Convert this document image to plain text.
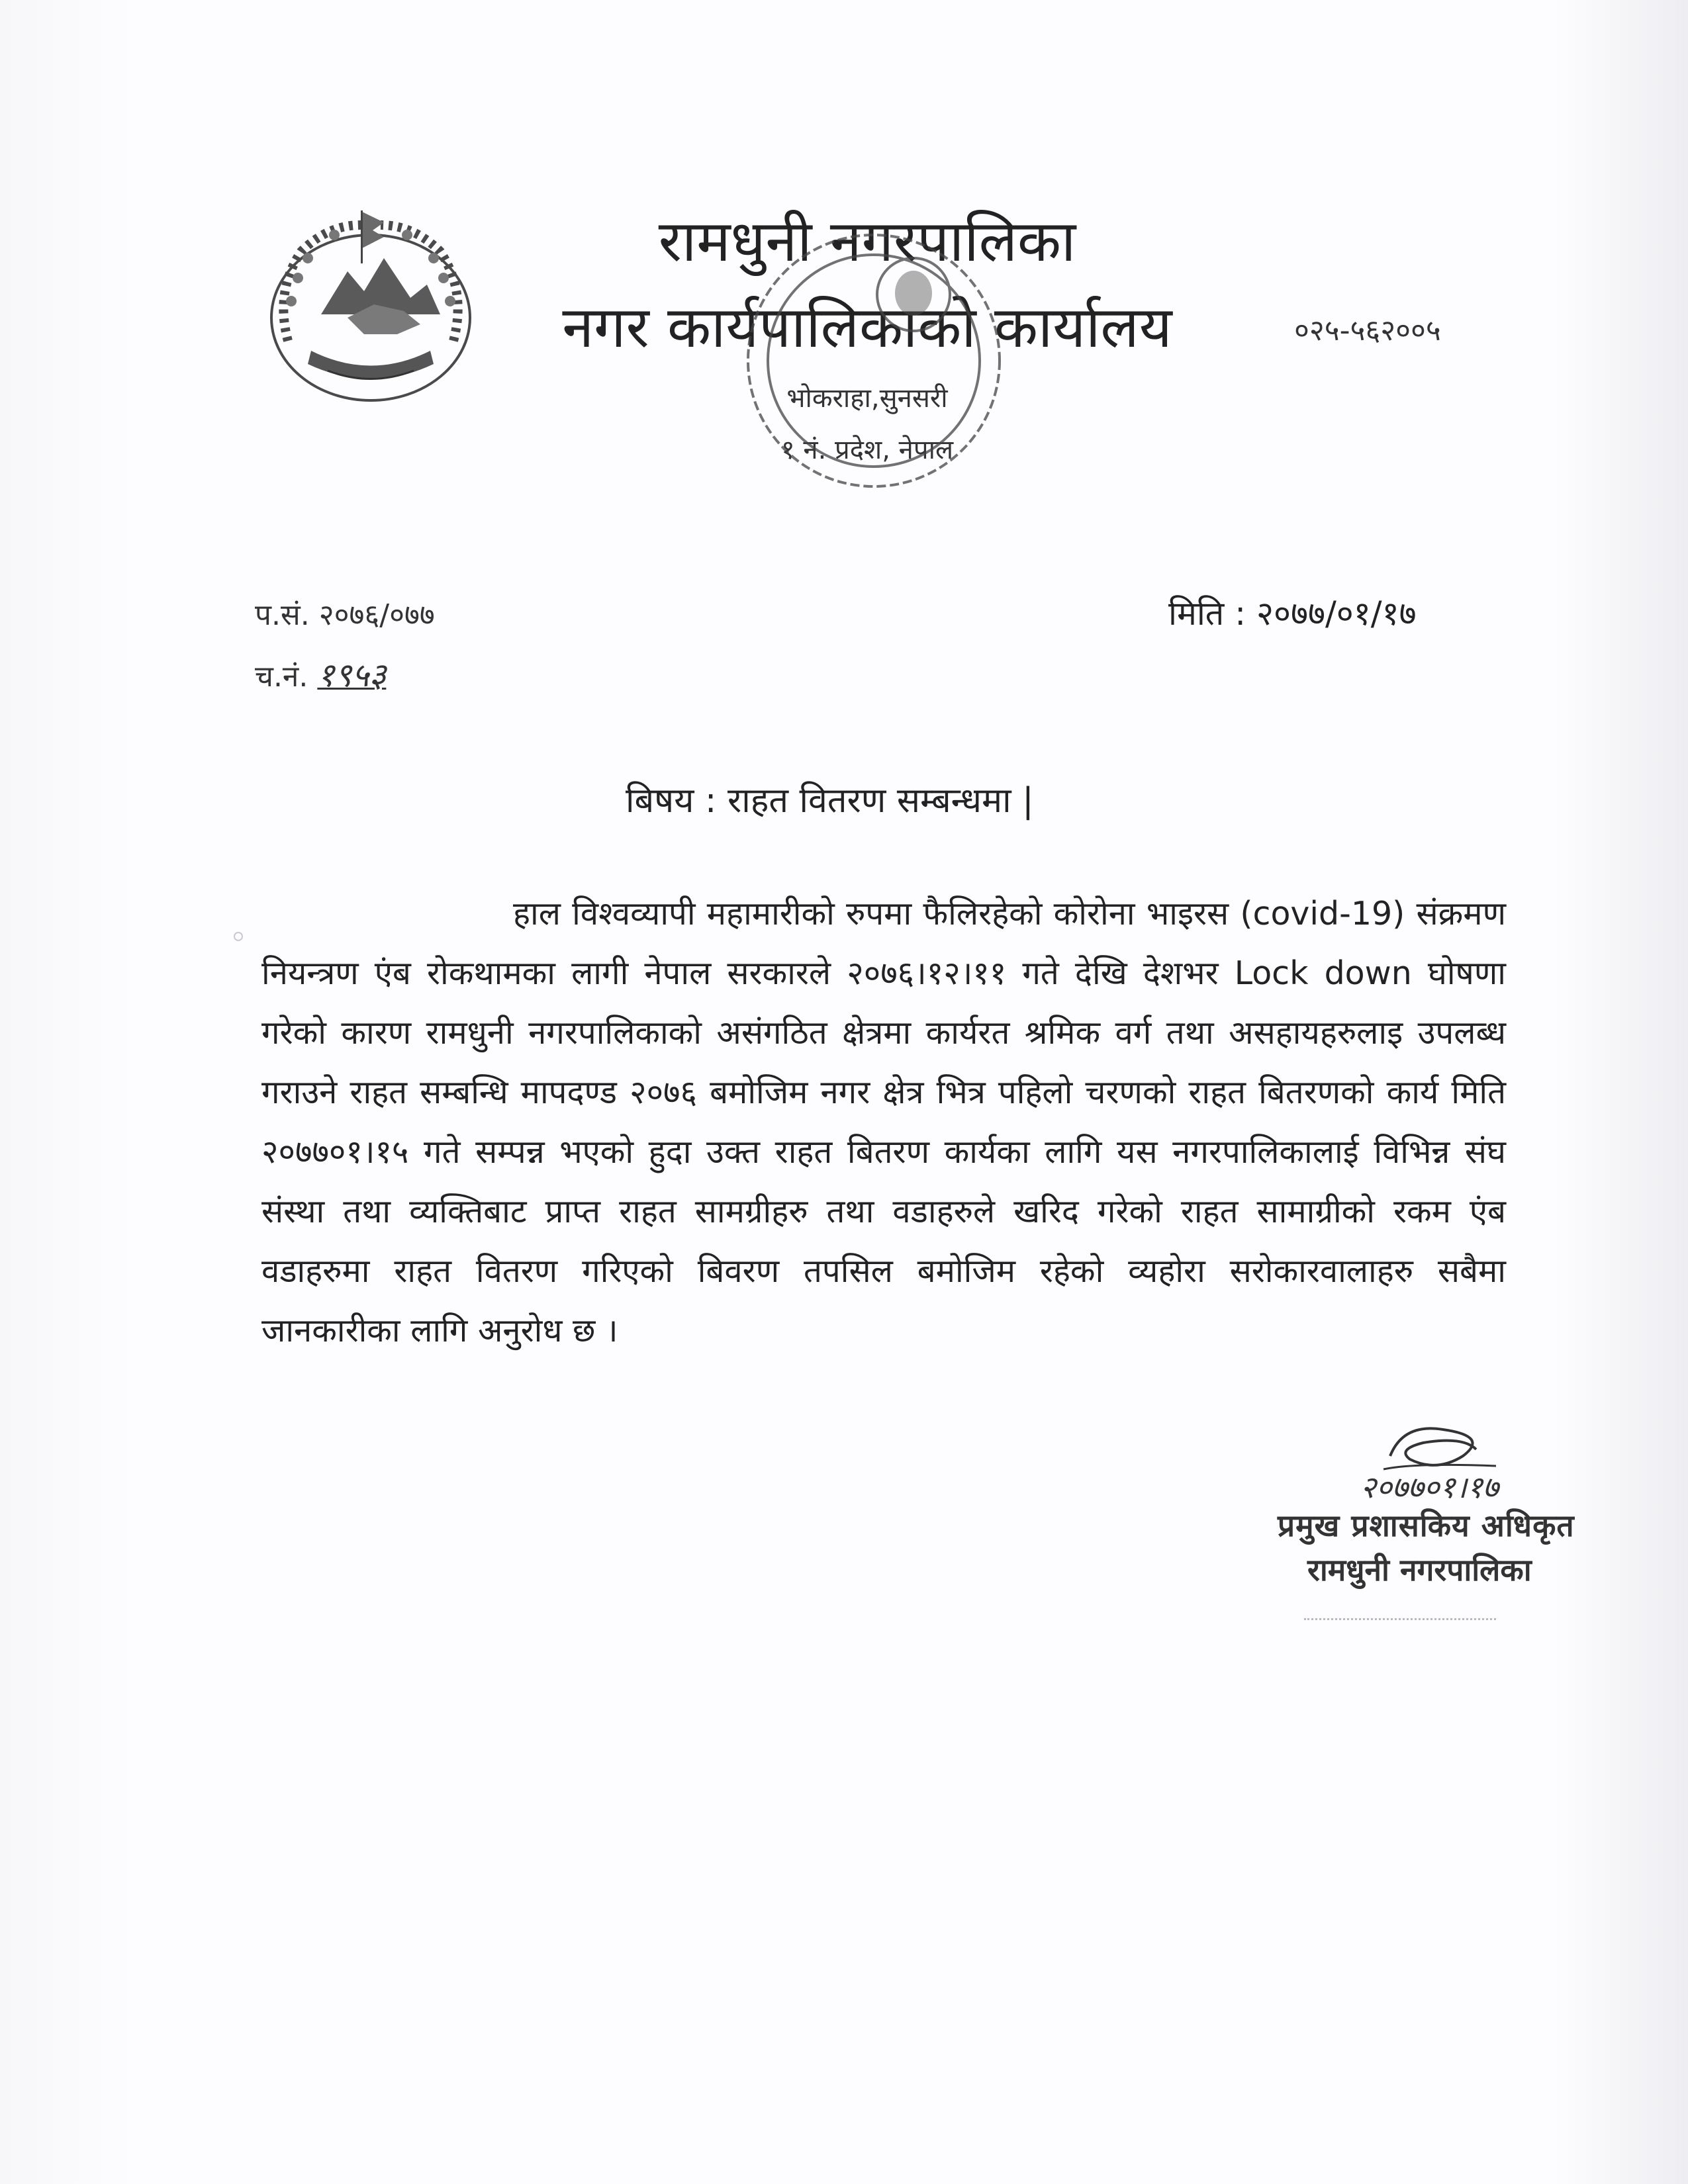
रामधुनी नगरपालिका
नगर कार्यपालिकाको कार्यालय
भोकराहा,सुनसरी
१ नं. प्रदेश, नेपाल
०२५-५६२००५
प.सं. २०७६/०७७
च.नं. १९५३
मिति : २०७७/०१/१७
बिषय : राहत वितरण सम्बन्धमा |

हाल विश्वव्यापी महामारीको रुपमा फैलिरहेको कोरोना भाइरस (covid-19) संक्रमण नियन्त्रण एंब रोकथामका लागी नेपाल सरकारले २०७६।१२।११ गते देखि देशभर Lock down घोषणा गरेको कारण रामधुनी नगरपालिकाको असंगठित क्षेत्रमा कार्यरत श्रमिक वर्ग तथा असहायहरुलाइ उपलब्ध गराउने राहत सम्बन्धि मापदण्ड २०७६ बमोजिम नगर क्षेत्र भित्र पहिलो चरणको राहत बितरणको कार्य मिति २०७७०१।१५ गते सम्पन्न भएको हुदा उक्त राहत बितरण कार्यका लागि यस नगरपालिकालाई विभिन्न संघ संस्था तथा व्यक्तिबाट प्राप्त राहत सामग्रीहरु तथा वडाहरुले खरिद गरेको राहत सामाग्रीको रकम एंब वडाहरुमा राहत वितरण गरिएको बिवरण तपसिल बमोजिम रहेको व्यहोरा सरोकारवालाहरु सबैमा जानकारीका लागि अनुरोध छ ।

२०७७०१।१७
प्रमुख प्रशासकिय अधिकृत
रामधुनी नगरपालिका
